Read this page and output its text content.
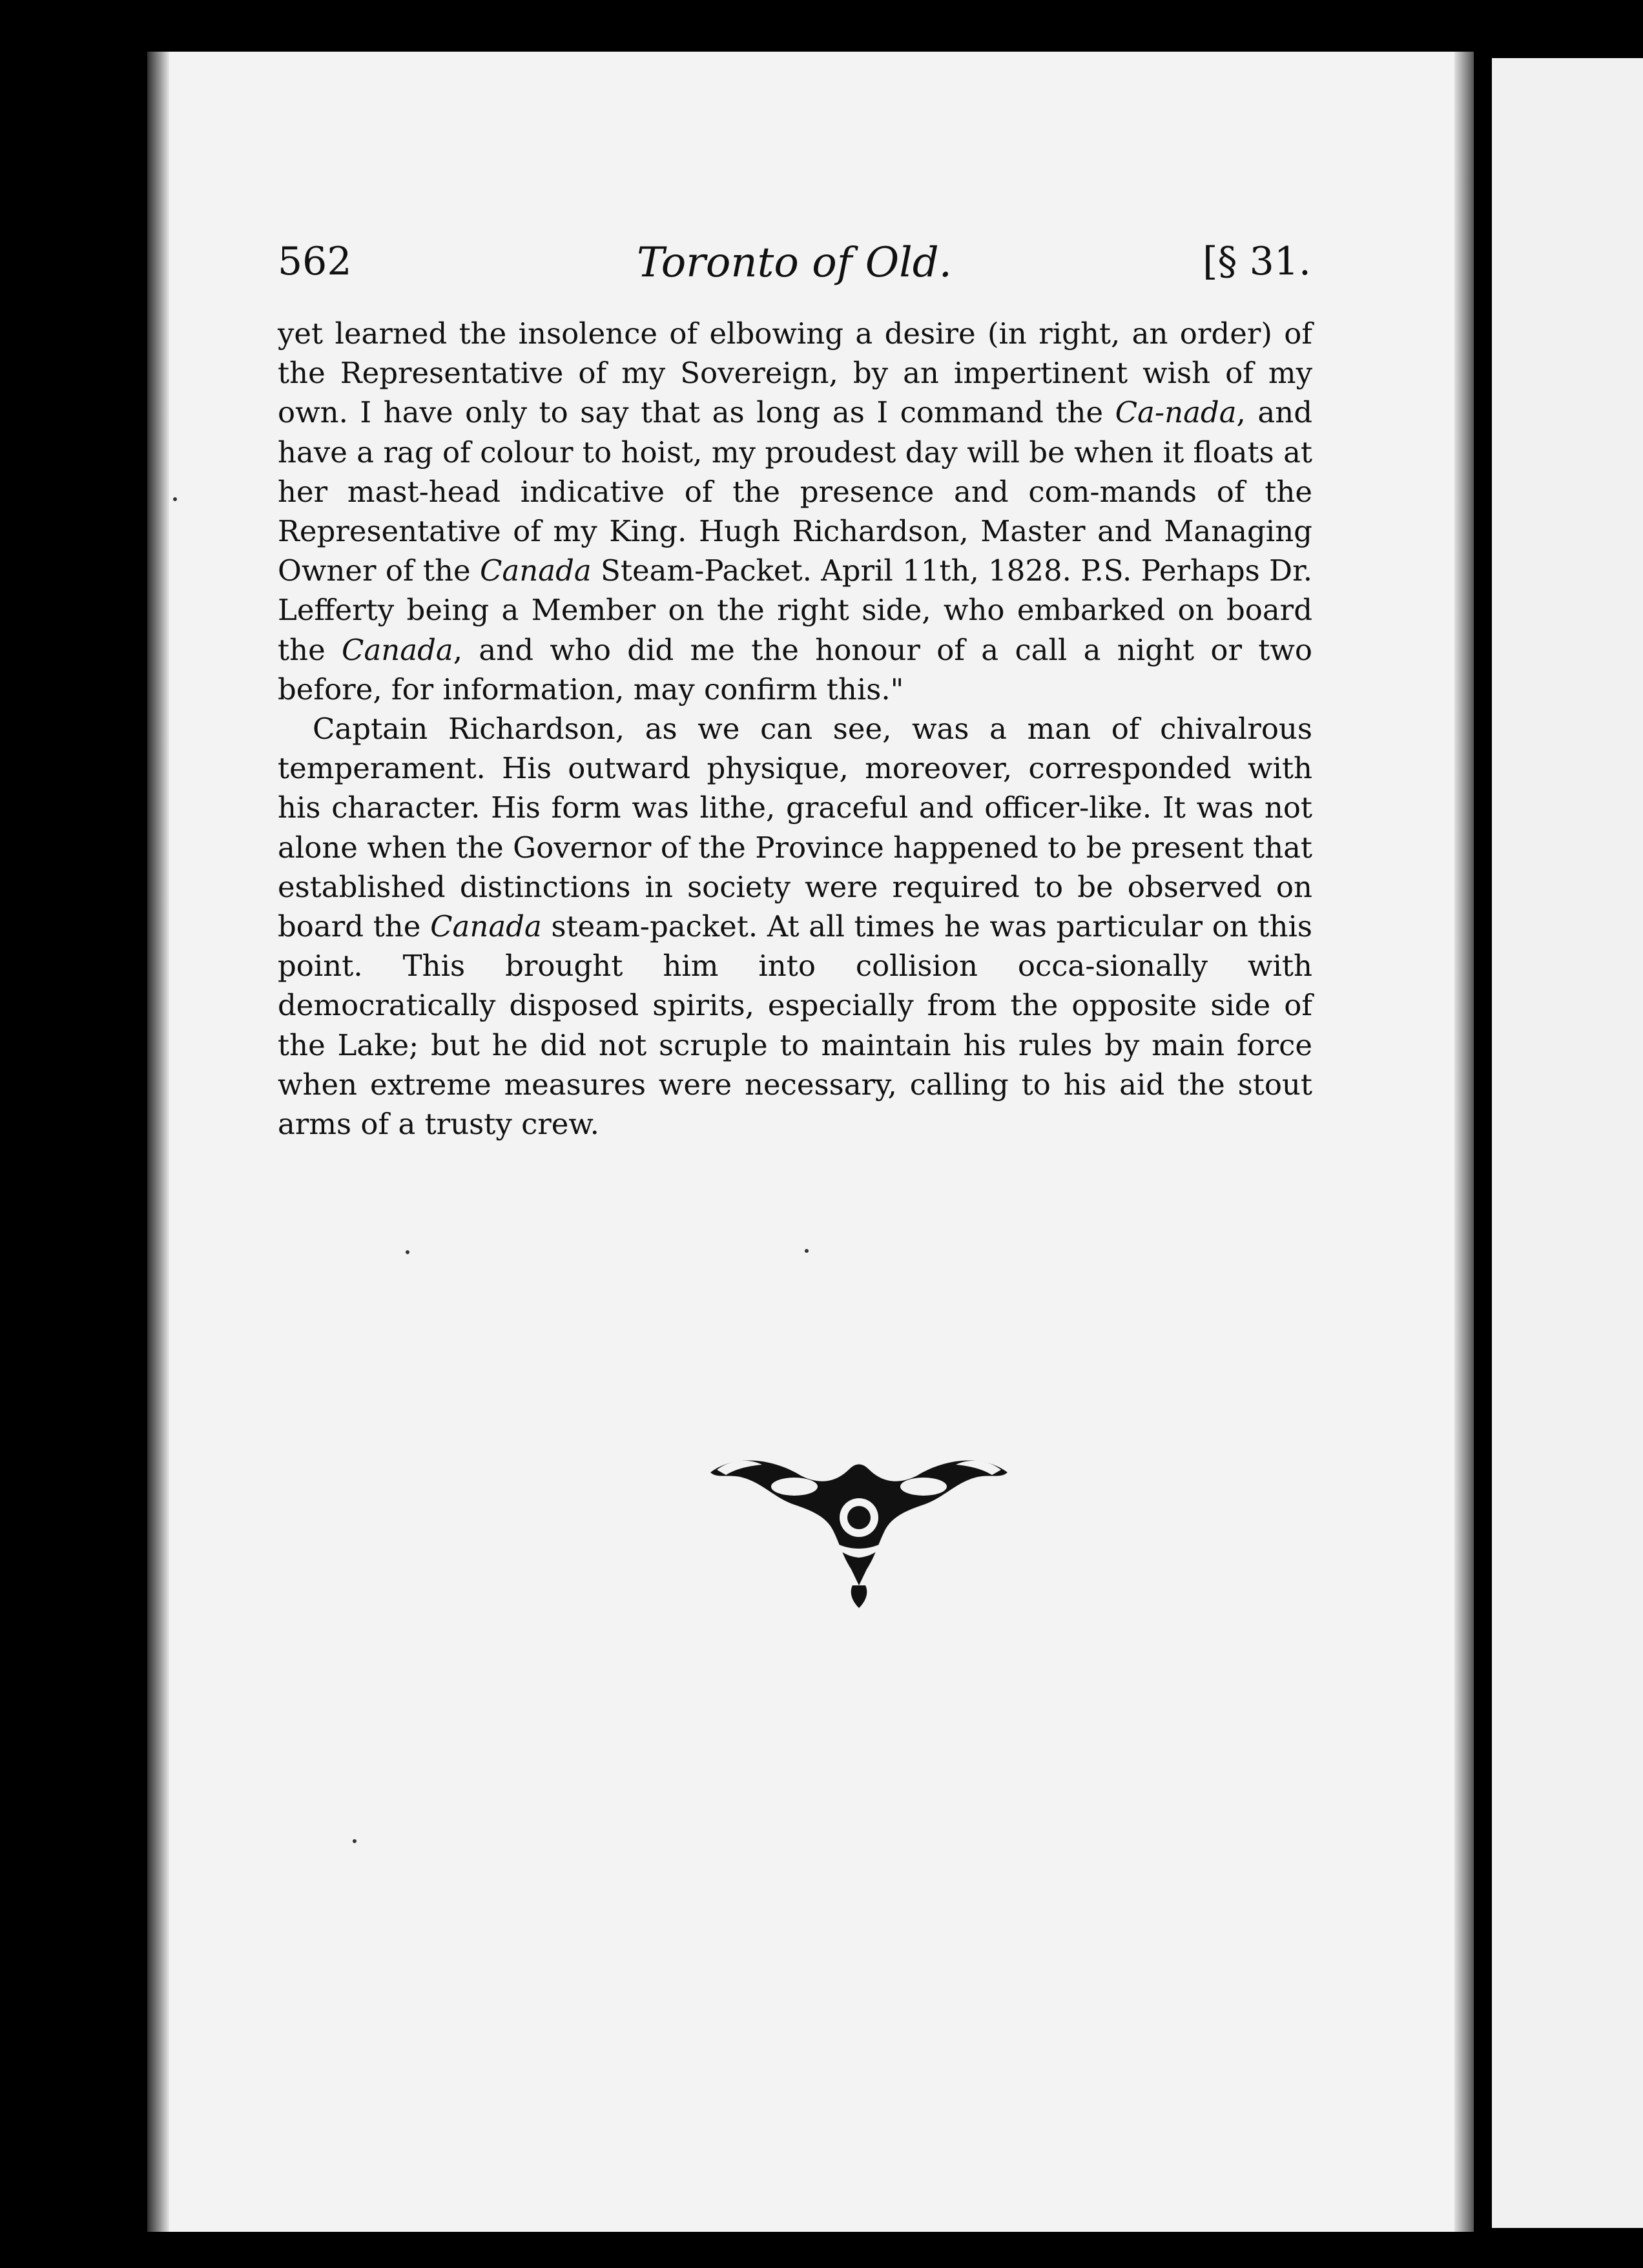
562	Toronto of Old.	[§ 31.

yet learned the insolence of elbowing a desire (in right, an order) of the Representative of my Sovereign, by an impertinent wish of my own. I have only to say that as long as I command the Ca-nada, and have a rag of colour to hoist, my proudest day will be when it floats at her mast-head indicative of the presence and com-mands of the Representative of my King. Hugh Richardson, Master and Managing Owner of the Canada Steam-Packet. April 11th, 1828. P.S. Perhaps Dr. Lefferty being a Member on the right side, who embarked on board the Canada, and who did me the honour of a call a night or two before, for information, may confirm this."

Captain Richardson, as we can see, was a man of chivalrous temperament. His outward physique, moreover, corresponded with his character. His form was lithe, graceful and officer-like. It was not alone when the Governor of the Province happened to be present that established distinctions in society were required to be observed on board the Canada steam-packet. At all times he was particular on this point. This brought him into collision occa-sionally with democratically disposed spirits, especially from the opposite side of the Lake; but he did not scruple to maintain his rules by main force when extreme measures were necessary, calling to his aid the stout arms of a trusty crew.
